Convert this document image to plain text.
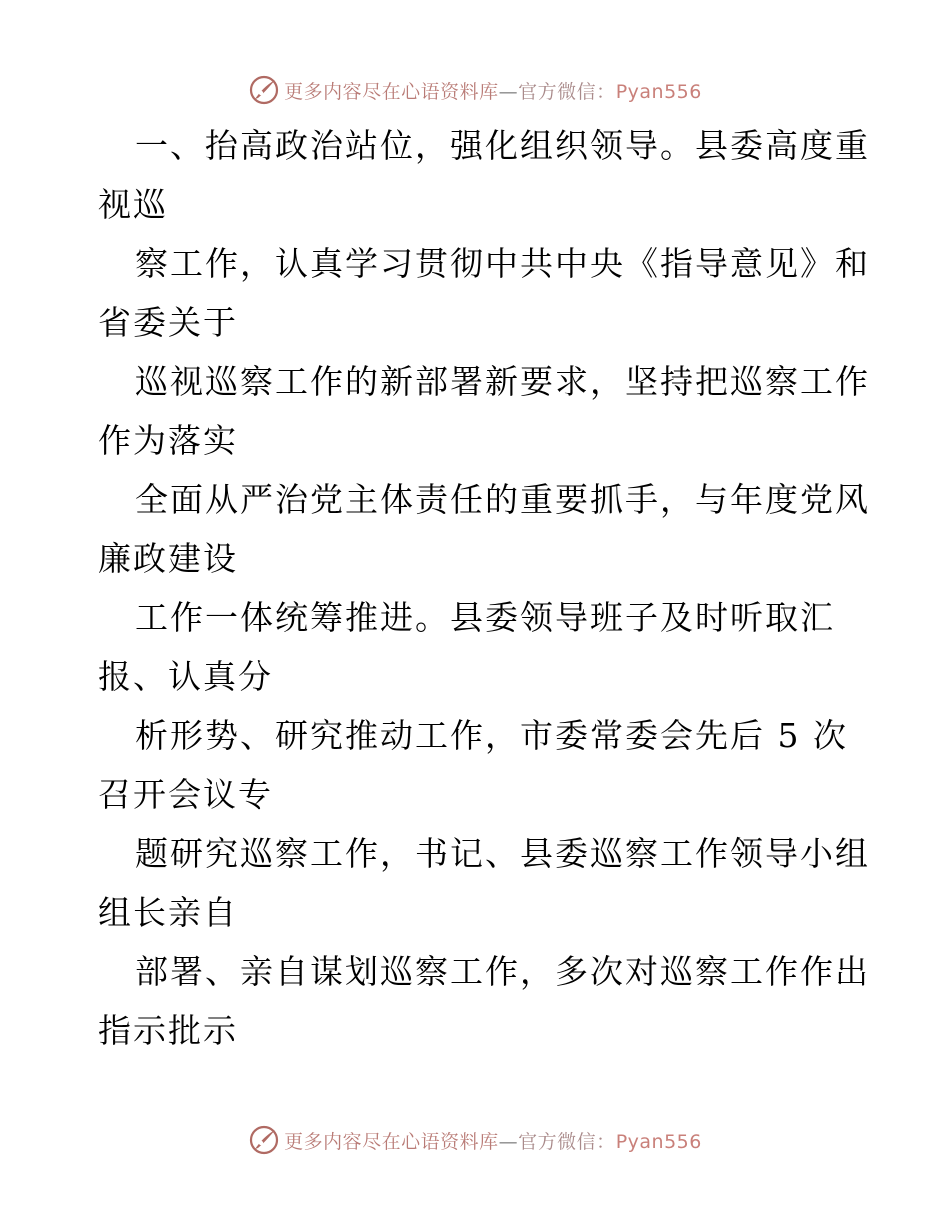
更多内容尽在心语资料库—官方微信：Pyan556
一、抬高政治站位，强化组织领导。县委高度重
视巡
察工作，认真学习贯彻中共中央《指导意见》和
省委关于
巡视巡察工作的新部署新要求，坚持把巡察工作
作为落实
全面从严治党主体责任的重要抓手，与年度党风
廉政建设
工作一体统筹推进。县委领导班子及时听取汇
报、认真分
析形势、研究推动工作，市委常委会先后 5 次
召开会议专
题研究巡察工作，书记、县委巡察工作领导小组
组长亲自
部署、亲自谋划巡察工作，多次对巡察工作作出
指示批示
更多内容尽在心语资料库—官方微信：Pyan556
